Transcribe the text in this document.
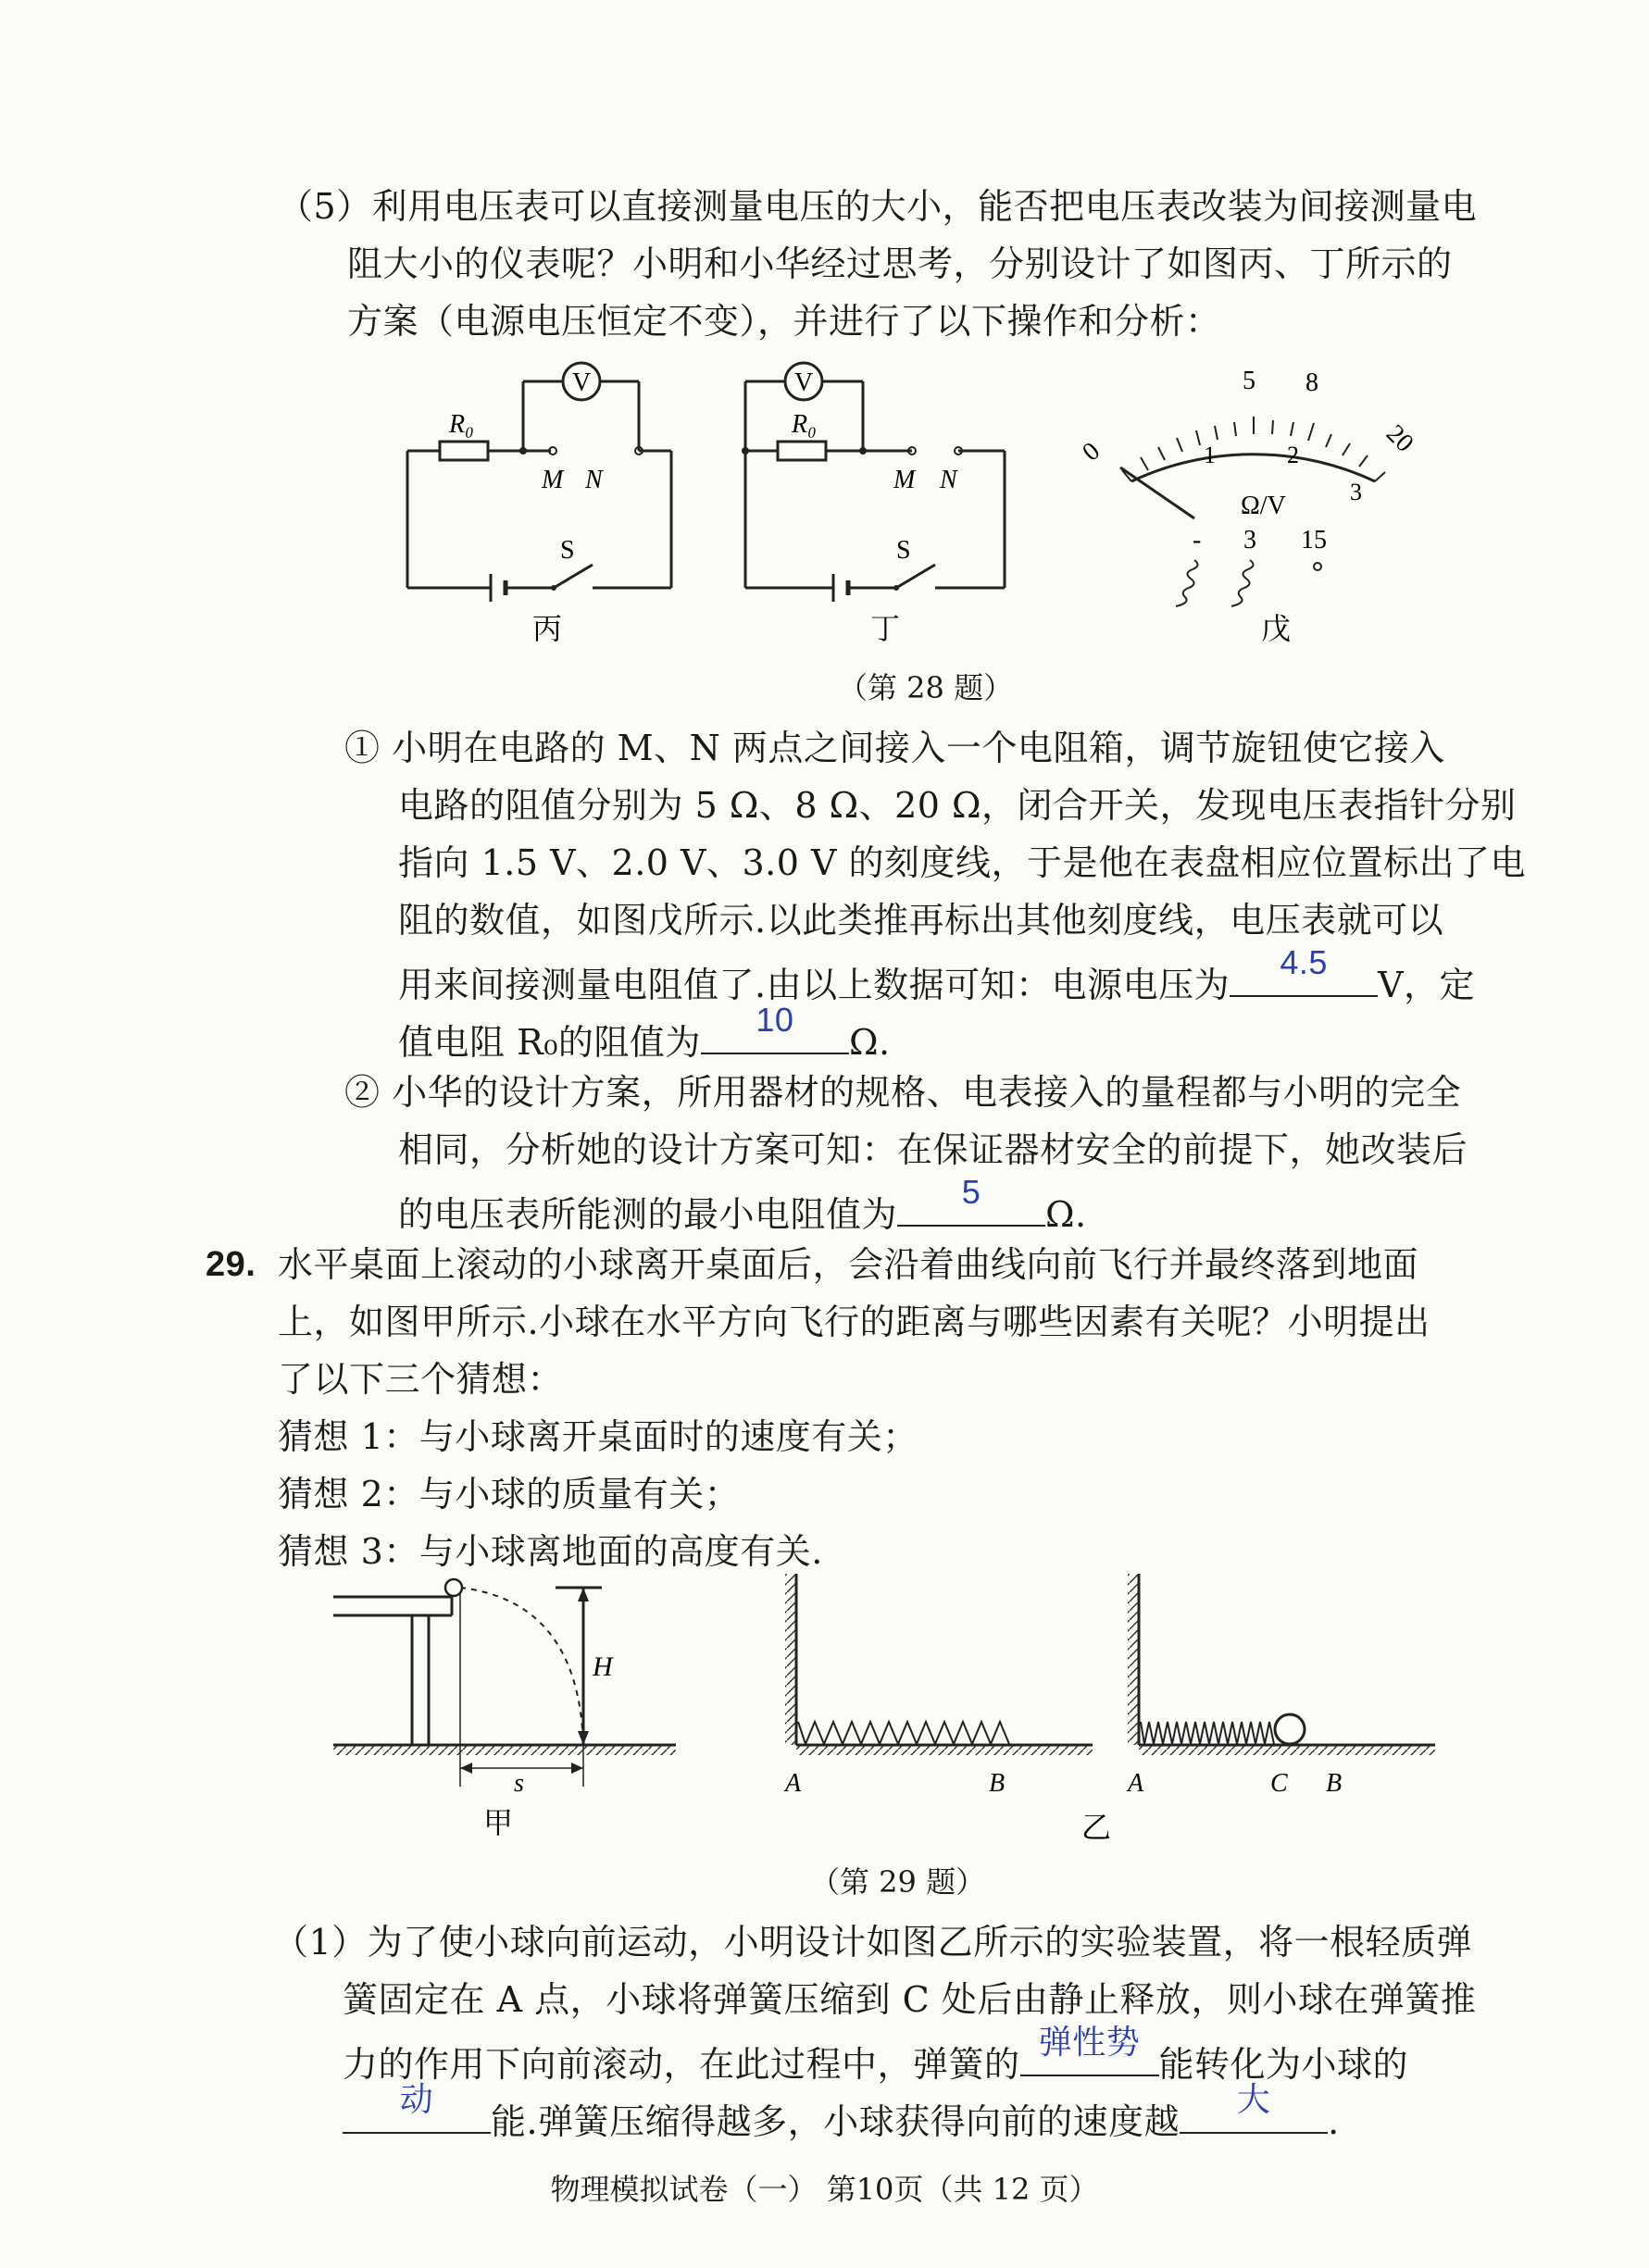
（5）利用电压表可以直接测量电压的大小，能否把电压表改装为间接测量电
阻大小的仪表呢？小明和小华经过思考，分别设计了如图丙、丁所示的
方案（电源电压恒定不变），并进行了以下操作和分析：
R₀
V
M N
S
丙
R₀
V
M N
S
丁
0
5 8
20
1	2
3
Ω/V
- 3 15
戊
（第 28 题）
① 小明在电路的 M、N 两点之间接入一个电阻箱，调节旋钮使它接入
电路的阻值分别为 5 Ω、8 Ω、20 Ω，闭合开关，发现电压表指针分别
指向 1.5 V、2.0 V、3.0 V 的刻度线，于是他在表盘相应位置标出了电
阻的数值，如图戊所示.以此类推再标出其他刻度线，电压表就可以
用来间接测量电阻值了.由以上数据可知：电源电压为
4.5
V，定
值电阻 R₀的阻值为
10
Ω.
② 小华的设计方案，所用器材的规格、电表接入的量程都与小明的完全
相同，分析她的设计方案可知：在保证器材安全的前提下，她改装后
的电压表所能测的最小电阻值为
5
Ω.
29. 水平桌面上滚动的小球离开桌面后，会沿着曲线向前飞行并最终落到地面
上，如图甲所示.小球在水平方向飞行的距离与哪些因素有关呢？小明提出
了以下三个猜想：
猜想 1：与小球离开桌面时的速度有关；
猜想 2：与小球的质量有关；
猜想 3：与小球离地面的高度有关.
H
s
甲
A	B	A	C B
乙
（第 29 题）
（1）为了使小球向前运动，小明设计如图乙所示的实验装置，将一根轻质弹
簧固定在 A 点，小球将弹簧压缩到 C 处后由静止释放，则小球在弹簧推
力的作用下向前滚动，在此过程中，弹簧的
弹性势
能转化为小球的
动
能.弹簧压缩得越多，小球获得向前的速度越
大
.
物理模拟试卷（一） 第10页（共 12 页）
